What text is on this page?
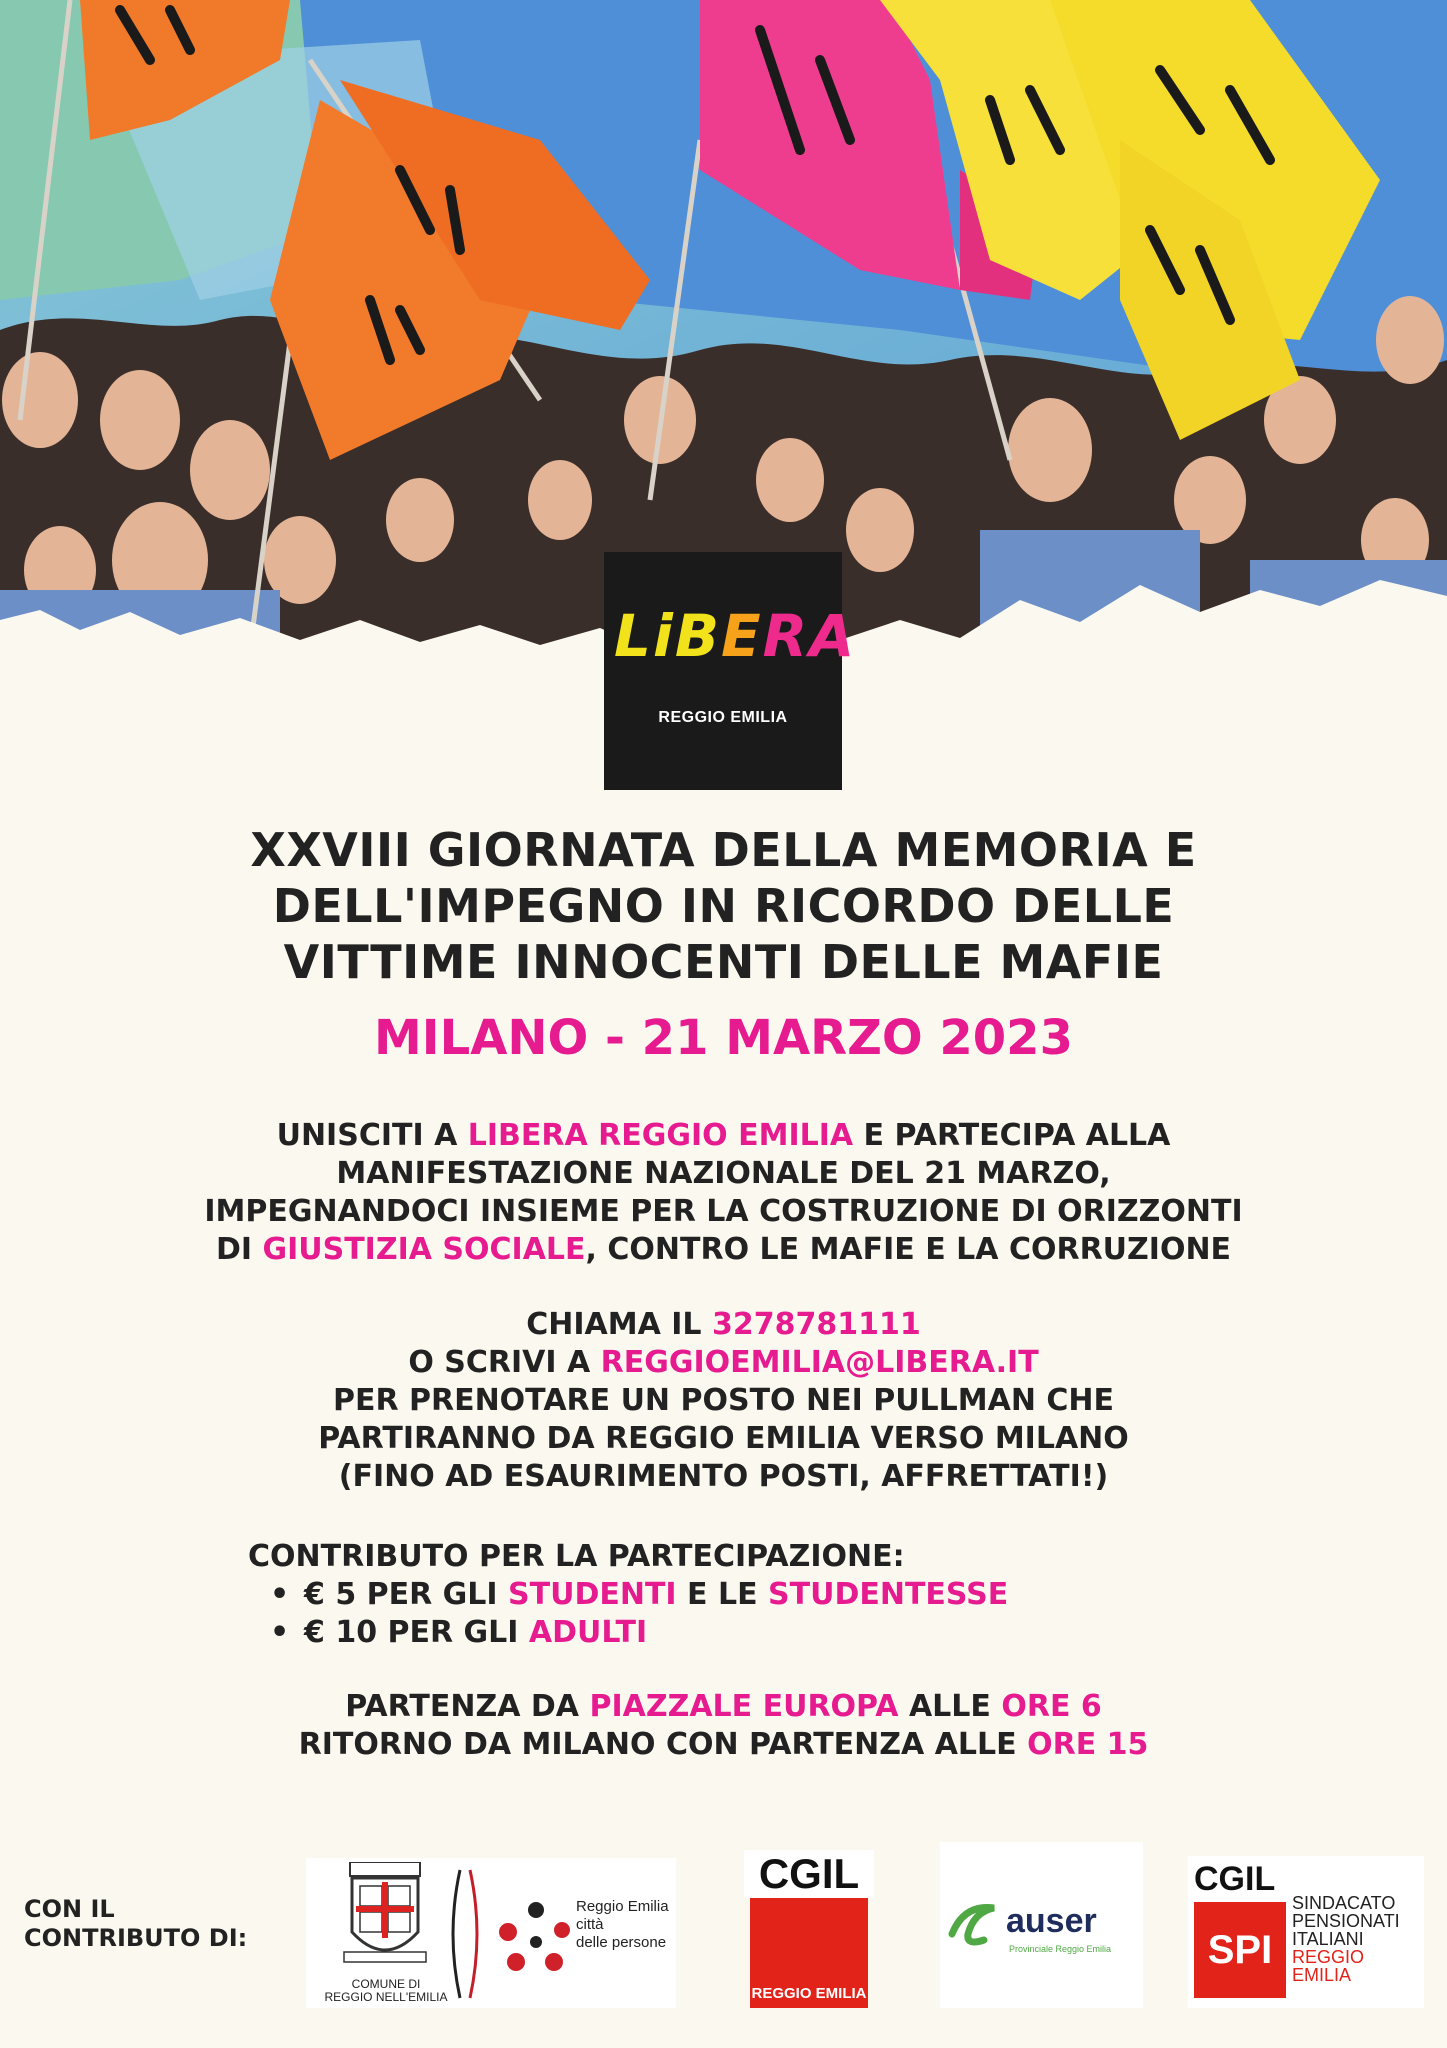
LiBERA
REGGIO EMILIA
XXVIII GIORNATA DELLA MEMORIA E
DELL'IMPEGNO IN RICORDO DELLE
VITTIME INNOCENTI DELLE MAFIE
MILANO - 21 MARZO 2023
UNISCITI A LIBERA REGGIO EMILIA E PARTECIPA ALLA
MANIFESTAZIONE NAZIONALE DEL 21 MARZO,
IMPEGNANDOCI INSIEME PER LA COSTRUZIONE DI ORIZZONTI
DI GIUSTIZIA SOCIALE, CONTRO LE MAFIE E LA CORRUZIONE
CHIAMA IL 3278781111
O SCRIVI A REGGIOEMILIA@LIBERA.IT
PER PRENOTARE UN POSTO NEI PULLMAN CHE
PARTIRANNO DA REGGIO EMILIA VERSO MILANO
(FINO AD ESAURIMENTO POSTI, AFFRETTATI!)
CONTRIBUTO PER LA PARTECIPAZIONE:
• € 5 PER GLI STUDENTI E LE STUDENTESSE
• € 10 PER GLI ADULTI
PARTENZA DA PIAZZALE EUROPA ALLE ORE 6
RITORNO DA MILANO CON PARTENZA ALLE ORE 15
CON IL
CONTRIBUTO DI:
COMUNE DI
REGGIO NELL'EMILIA
Reggio Emilia
città
delle persone
CGIL
REGGIO EMILIA
auser
Provinciale Reggio Emilia
CGIL
SPI
SINDACATO
PENSIONATI
ITALIANI
REGGIO
EMILIA
